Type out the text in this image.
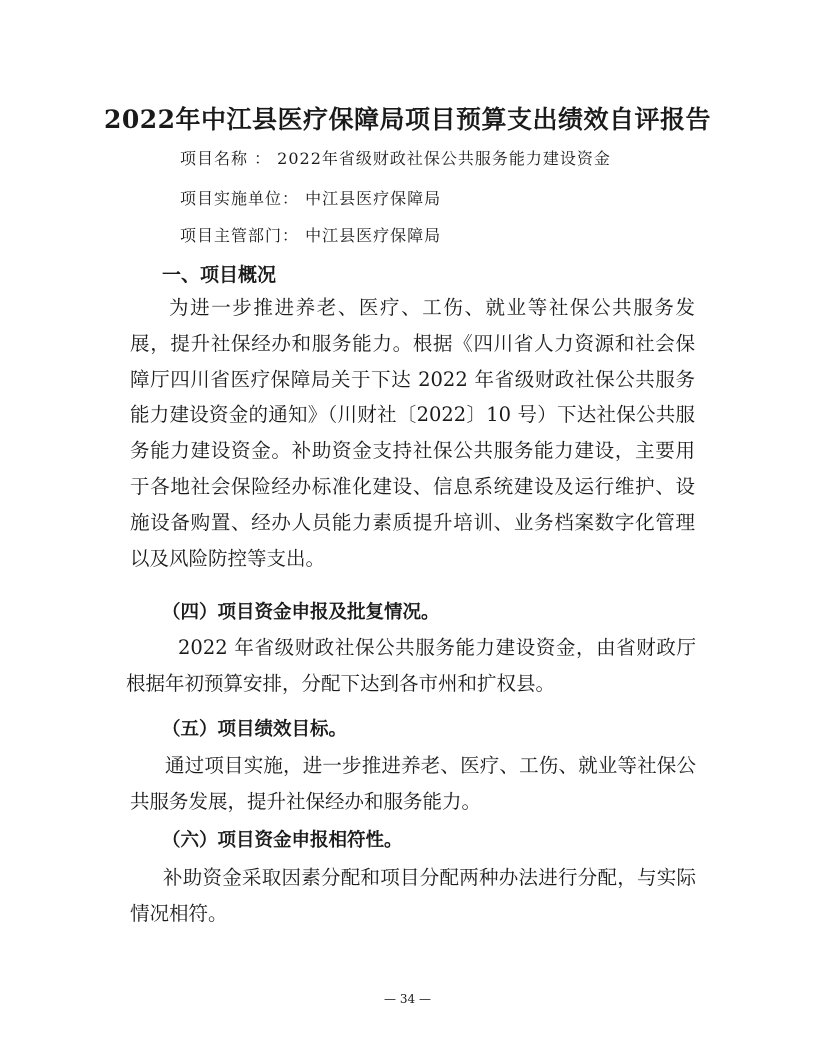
2022年中江县医疗保障局项目预算支出绩效自评报告
项目名称 ： 2022年省级财政社保公共服务能力建设资金
项目实施单位： 中江县医疗保障局
项目主管部门： 中江县医疗保障局
一、项目概况

为进一步推进养老、医疗、工伤、就业等社保公共服务发展，提升社保经办和服务能力。根据《四川省人力资源和社会保障厅四川省医疗保障局关于下达 2022 年省级财政社保公共服务能力建设资金的通知》（川财社〔2022〕10 号）下达社保公共服务能力建设资金。补助资金支持社保公共服务能力建设，主要用于各地社会保险经办标准化建设、信息系统建设及运行维护、设施设备购置、经办人员能力素质提升培训、业务档案数字化管理以及风险防控等支出。

（四）项目资金申报及批复情况。

2022 年省级财政社保公共服务能力建设资金，由省财政厅根据年初预算安排，分配下达到各市州和扩权县。

（五）项目绩效目标。

通过项目实施，进一步推进养老、医疗、工伤、就业等社保公共服务发展，提升社保经办和服务能力。

（六）项目资金申报相符性。

补助资金采取因素分配和项目分配两种办法进行分配，与实际情况相符。

— 34 —
